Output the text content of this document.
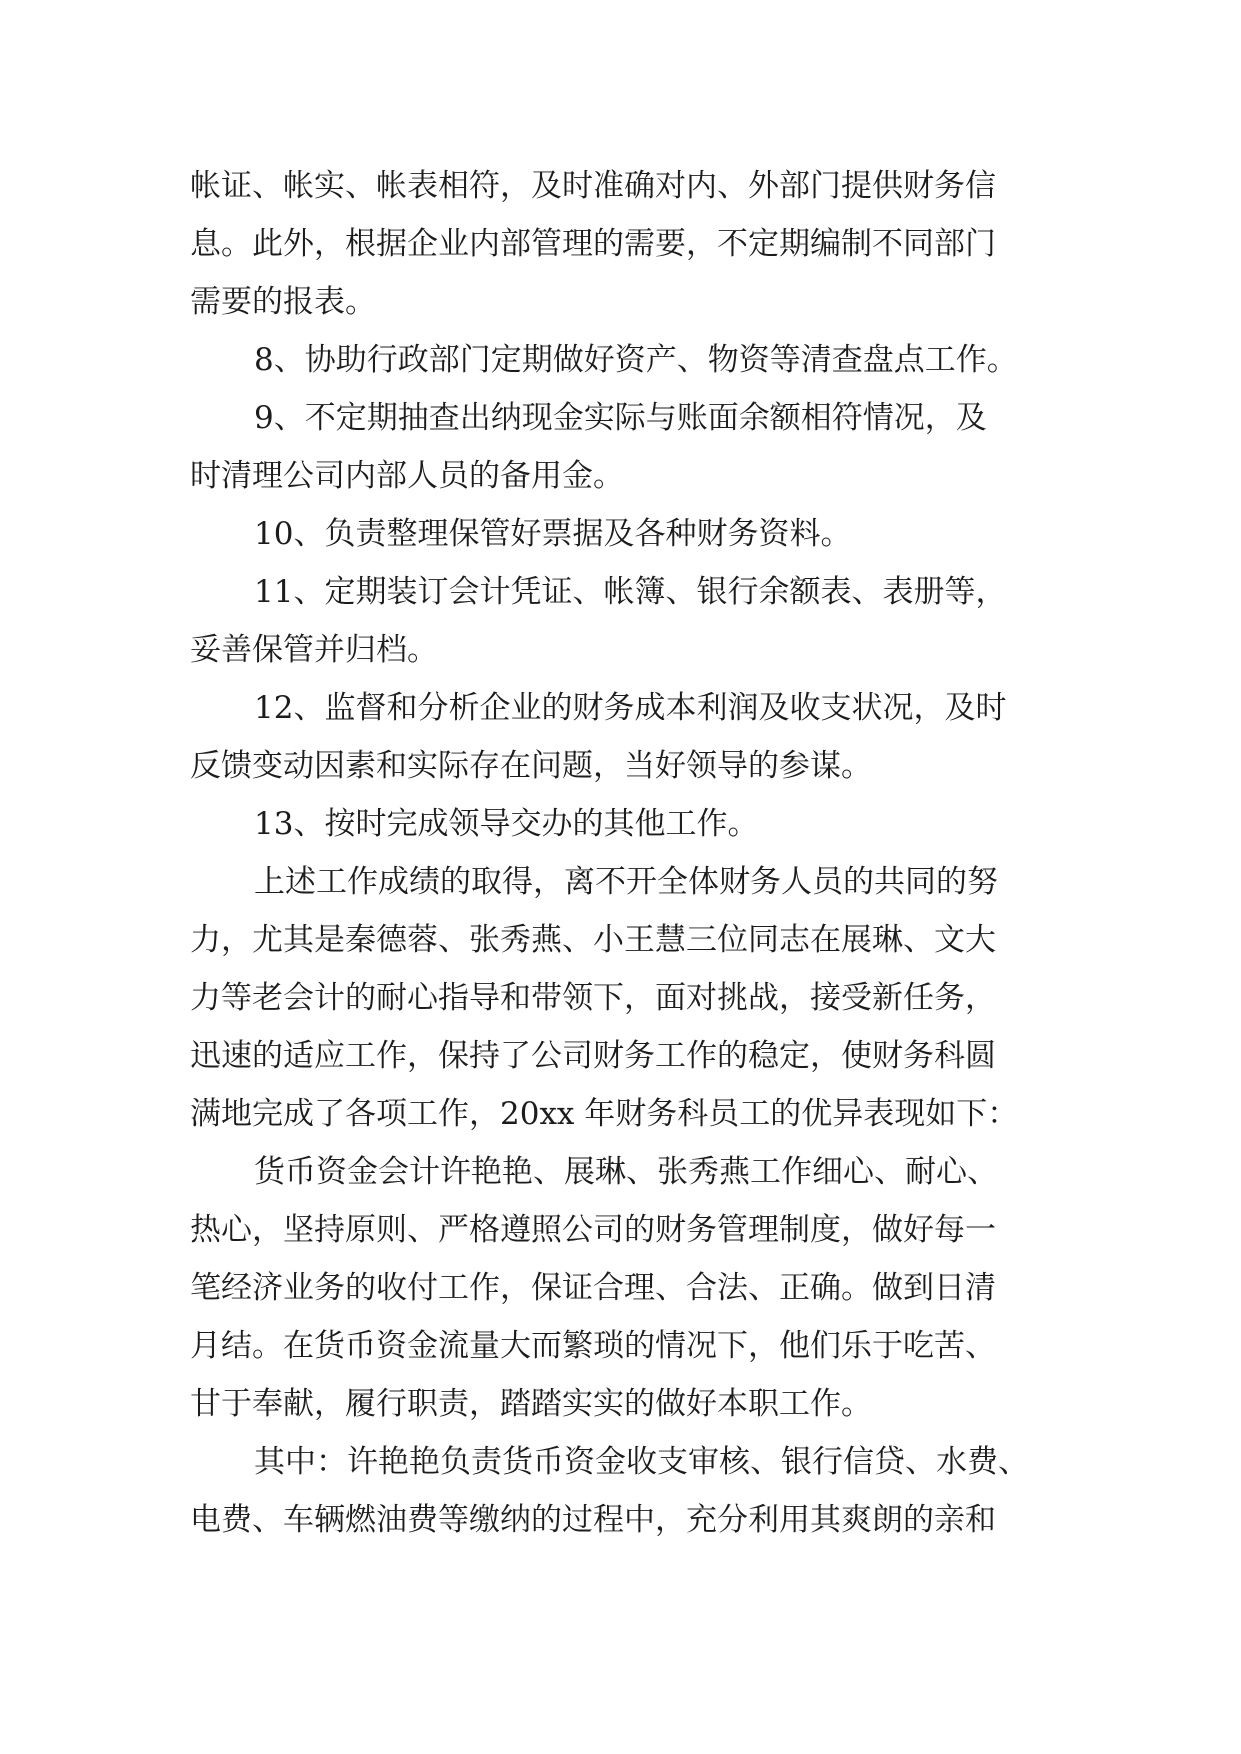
帐证、帐实、帐表相符，及时准确对内、外部门提供财务信

息。此外，根据企业内部管理的需要，不定期编制不同部门

需要的报表。

8、协助行政部门定期做好资产、物资等清查盘点工作。

9、不定期抽查出纳现金实际与账面余额相符情况，及

时清理公司内部人员的备用金。

10、负责整理保管好票据及各种财务资料。

11、定期装订会计凭证、帐簿、银行余额表、表册等，

妥善保管并归档。

12、监督和分析企业的财务成本利润及收支状况，及时

反馈变动因素和实际存在问题，当好领导的参谋。

13、按时完成领导交办的其他工作。

上述工作成绩的取得，离不开全体财务人员的共同的努

力，尤其是秦德蓉、张秀燕、小王慧三位同志在展琳、文大

力等老会计的耐心指导和带领下，面对挑战，接受新任务，

迅速的适应工作，保持了公司财务工作的稳定，使财务科圆

满地完成了各项工作，20xx 年财务科员工的优异表现如下：

货币资金会计许艳艳、展琳、张秀燕工作细心、耐心、

热心，坚持原则、严格遵照公司的财务管理制度，做好每一

笔经济业务的收付工作，保证合理、合法、正确。做到日清

月结。在货币资金流量大而繁琐的情况下，他们乐于吃苦、

甘于奉献，履行职责，踏踏实实的做好本职工作。

其中：许艳艳负责货币资金收支审核、银行信贷、水费、

电费、车辆燃油费等缴纳的过程中，充分利用其爽朗的亲和
